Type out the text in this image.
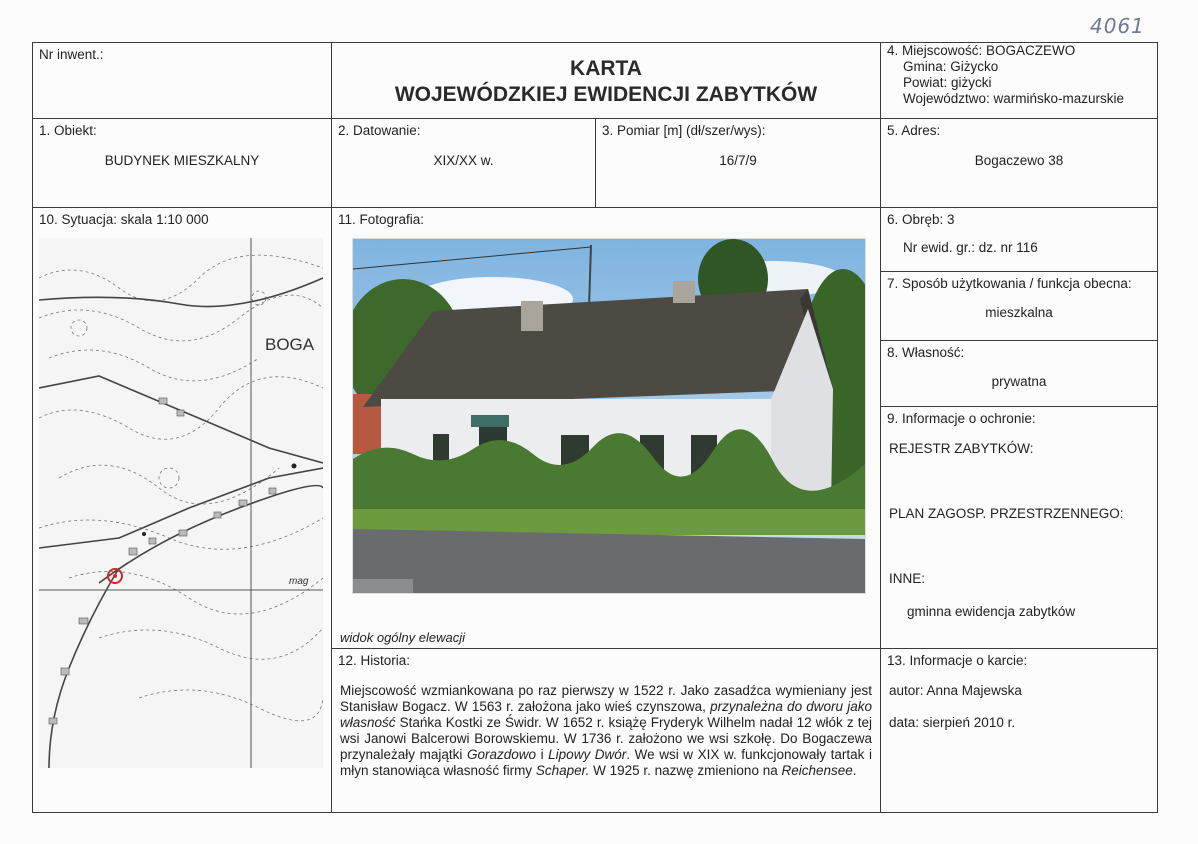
4061
Nr inwent.:
KARTA
WOJEWÓDZKIEJ EWIDENCJI ZABYTKÓW
4. Miejscowość: BOGACZEWO
Gmina: Giżycko
Powiat: giżycki
Województwo: warmińsko-mazurskie
1. Obiekt:
BUDYNEK MIESZKALNY
2. Datowanie:
XIX/XX w.
3. Pomiar [m] (dł/szer/wys):
16/7/9
5. Adres:
Bogaczewo 38
10. Sytuacja: skala 1:10 000
BOGA
mag
11. Fotografia:
widok ogólny elewacji
6. Obręb: 3
Nr ewid. gr.: dz. nr 116
7. Sposób użytkowania / funkcja obecna:
mieszkalna
8. Własność:
prywatna
9. Informacje o ochronie:
REJESTR ZABYTKÓW:
PLAN ZAGOSP. PRZESTRZENNEGO:
INNE:
gminna ewidencja zabytków
12. Historia:
Miejscowość wzmiankowana po raz pierwszy w 1522 r. Jako zasadźca wymieniany jest Stanisław Bogacz. W 1563 r. założona jako wieś czynszowa, przynależna do dworu jako własność Stańka Kostki ze Świdr. W 1652 r. książę Fryderyk Wilhelm nadał 12 włók z tej wsi Janowi Balcerowi Borowskiemu. W 1736 r. założono we wsi szkołę. Do Bogaczewa przynależały majątki Gorazdowo i Lipowy Dwór. We wsi w XIX w. funkcjonowały tartak i młyn stanowiąca własność firmy Schaper. W 1925 r. nazwę zmieniono na Reichensee.
13. Informacje o karcie:
autor: Anna Majewska
data: sierpień 2010 r.
